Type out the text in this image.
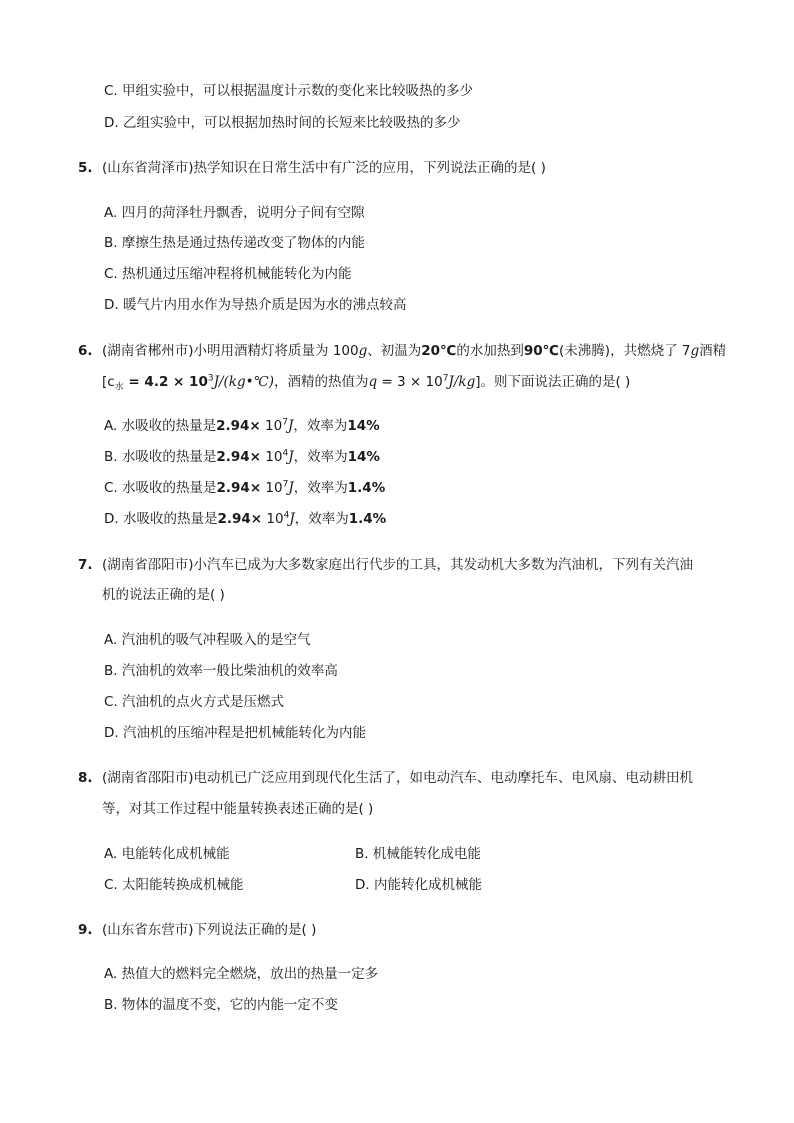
C. 甲组实验中，可以根据温度计示数的变化来比较吸热的多少
D. 乙组实验中，可以根据加热时间的长短来比较吸热的多少
5. (山东省菏泽市)热学知识在日常生活中有广泛的应用，下列说法正确的是( )
A. 四月的菏泽牡丹飘香，说明分子间有空隙
B. 摩擦生热是通过热传递改变了物体的内能
C. 热机通过压缩冲程将机械能转化为内能
D. 暖气片内用水作为导热介质是因为水的沸点较高
6. (湖南省郴州市)小明用酒精灯将质量为 100g、初温为20℃的水加热到90℃(未沸腾)，共燃烧了 7g酒精
[$c_水 = 4.2$ × $10^3J/(kg•℃)$，酒精的热值为$q = 3 \times 10^7J/kg$]。则下面说法正确的是( )
A. 水吸收的热量是$2.94\times 10^7J$，效率为14%
B. 水吸收的热量是$2.94\times 10^4J$，效率为14%
C. 水吸收的热量是$2.94\times 10^7J$，效率为1.4%
D. 水吸收的热量是$2.94\times 10^4J$，效率为1.4%
7. (湖南省邵阳市)小汽车已成为大多数家庭出行代步的工具，其发动机大多数为汽油机，下列有关汽油
机的说法正确的是( )
A. 汽油机的吸气冲程吸入的是空气
B. 汽油机的效率一般比柴油机的效率高
C. 汽油机的点火方式是压燃式
D. 汽油机的压缩冲程是把机械能转化为内能
8. (湖南省邵阳市)电动机已广泛应用到现代化生活了，如电动汽车、电动摩托车、电风扇、电动耕田机
等，对其工作过程中能量转换表述正确的是( )
A. 电能转化成机械能	B. 机械能转化成电能
C. 太阳能转换成机械能	D. 内能转化成机械能
9. (山东省东营市)下列说法正确的是( )
A. 热值大的燃料完全燃烧，放出的热量一定多
B. 物体的温度不变，它的内能一定不变
